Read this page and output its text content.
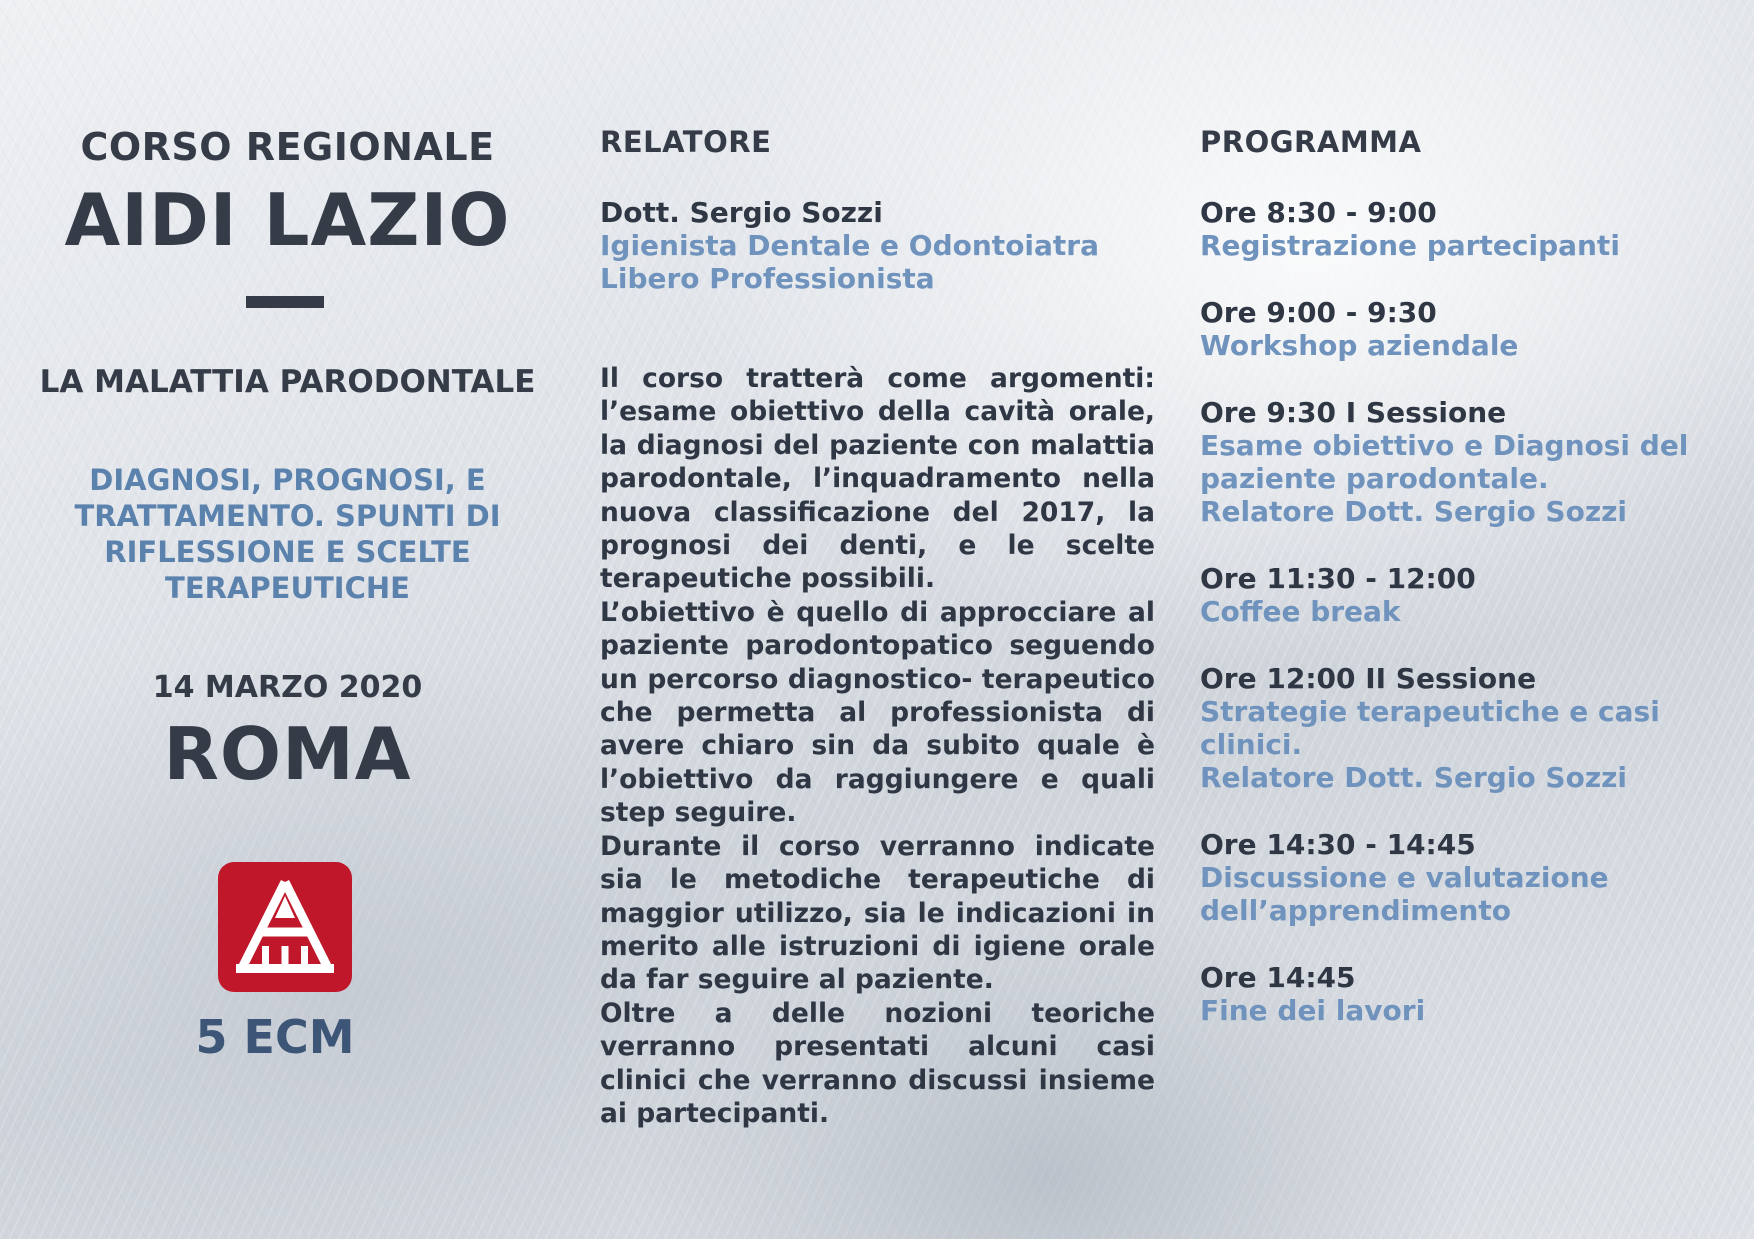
CORSO REGIONALE
AIDI LAZIO
LA MALATTIA PARODONTALE
DIAGNOSI, PROGNOSI, E
TRATTAMENTO. SPUNTI DI
RIFLESSIONE E SCELTE
TERAPEUTICHE
14 MARZO 2020
ROMA
5 ECM
RELATORE
Dott. Sergio Sozzi
Igienista Dentale e Odontoiatra
Libero Professionista

Il corso tratterà come argomenti: l’esame obiettivo della cavità orale, la diagnosi del paziente con malattia parodontale, l’inquadramento nella nuova classificazione del 2017, la prognosi dei denti, e le scelte terapeutiche possibili.

L’obiettivo è quello di approcciare al paziente parodontopatico seguendo un percorso diagnostico- terapeutico che permetta al professionista di avere chiaro sin da subito quale è l’obiettivo da raggiungere e quali step seguire.

Durante il corso verranno indicate sia le metodiche terapeutiche di maggior utilizzo, sia le indicazioni in merito alle istruzioni di igiene orale da far seguire al paziente.

Oltre a delle nozioni teoriche verranno presentati alcuni casi clinici che verranno discussi insieme ai partecipanti.

PROGRAMMA
Ore 8:30 - 9:00
Registrazione partecipanti
Ore 9:00 - 9:30
Workshop aziendale
Ore 9:30 I Sessione
Esame obiettivo e Diagnosi del
paziente parodontale.
Relatore Dott. Sergio Sozzi
Ore 11:30 - 12:00
Coffee break
Ore 12:00 II Sessione
Strategie terapeutiche e casi clinici.
Relatore Dott. Sergio Sozzi
Ore 14:30 - 14:45
Discussione e valutazione
dell’apprendimento
Ore 14:45
Fine dei lavori
